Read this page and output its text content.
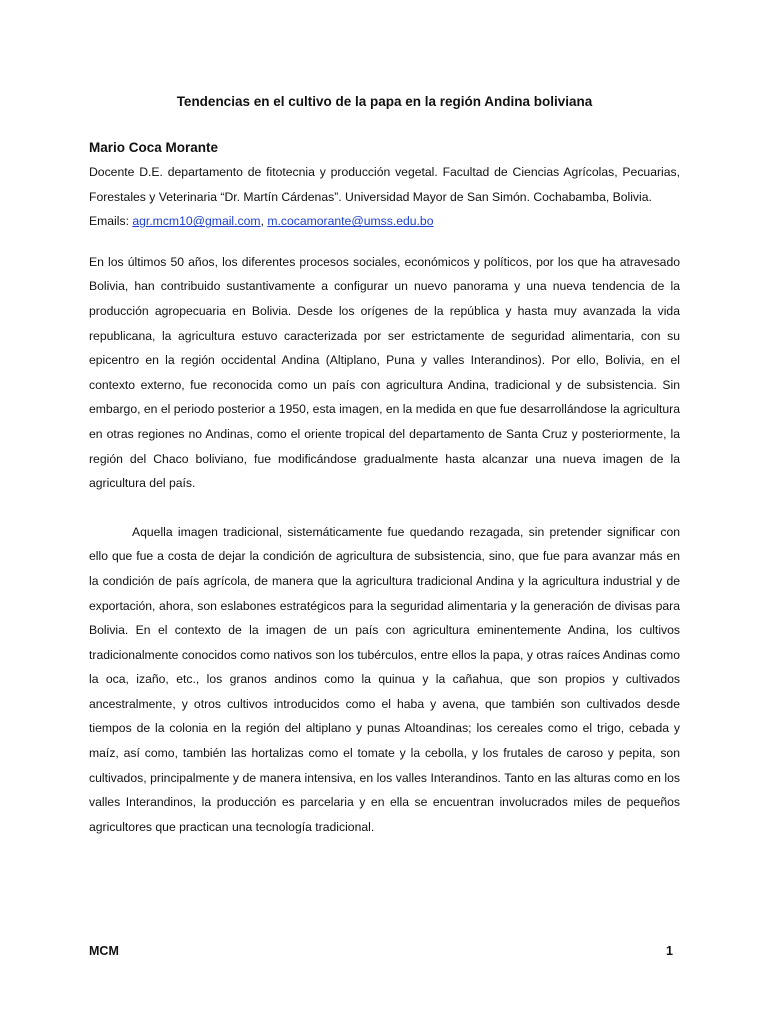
Tendencias en el cultivo de la papa en la región Andina boliviana

Mario Coca Morante

Docente D.E. departamento de fitotecnia y producción vegetal. Facultad de Ciencias Agrícolas, Pecuarias, Forestales y Veterinaria “Dr. Martín Cárdenas”. Universidad Mayor de San Simón. Cochabamba, Bolivia.

Emails: agr.mcm10@gmail.com, m.cocamorante@umss.edu.bo

En los últimos 50 años, los diferentes procesos sociales, económicos y políticos, por los que ha atravesado Bolivia, han contribuido sustantivamente a configurar un nuevo panorama y una nueva tendencia de la producción agropecuaria en Bolivia. Desde los orígenes de la república y hasta muy avanzada la vida republicana, la agricultura estuvo caracterizada por ser estrictamente de seguridad alimentaria, con su epicentro en la región occidental Andina (Altiplano, Puna y valles Interandinos). Por ello, Bolivia, en el contexto externo, fue reconocida como un país con agricultura Andina, tradicional y de subsistencia. Sin embargo, en el periodo posterior a 1950, esta imagen, en la medida en que fue desarrollándose la agricultura en otras regiones no Andinas, como el oriente tropical del departamento de Santa Cruz y posteriormente, la región del Chaco boliviano, fue modificándose gradualmente hasta alcanzar una nueva imagen de la agricultura del país.

Aquella imagen tradicional, sistemáticamente fue quedando rezagada, sin pretender significar con ello que fue a costa de dejar la condición de agricultura de subsistencia, sino, que fue para avanzar más en la condición de país agrícola, de manera que la agricultura tradicional Andina y la agricultura industrial y de exportación, ahora, son eslabones estratégicos para la seguridad alimentaria y la generación de divisas para Bolivia. En el contexto de la imagen de un país con agricultura eminentemente Andina, los cultivos tradicionalmente conocidos como nativos son los tubérculos, entre ellos la papa, y otras raíces Andinas como la oca, izaño, etc., los granos andinos como la quinua y la cañahua, que son propios y cultivados ancestralmente, y otros cultivos introducidos como el haba y avena, que también son cultivados desde tiempos de la colonia en la región del altiplano y punas Altoandinas; los cereales como el trigo, cebada y maíz, así como, también las hortalizas como el tomate y la cebolla, y los frutales de caroso y pepita, son cultivados, principalmente y de manera intensiva, en los valles Interandinos. Tanto en las alturas como en los valles Interandinos, la producción es parcelaria y en ella se encuentran involucrados miles de pequeños agricultores que practican una tecnología tradicional.

MCM	1
